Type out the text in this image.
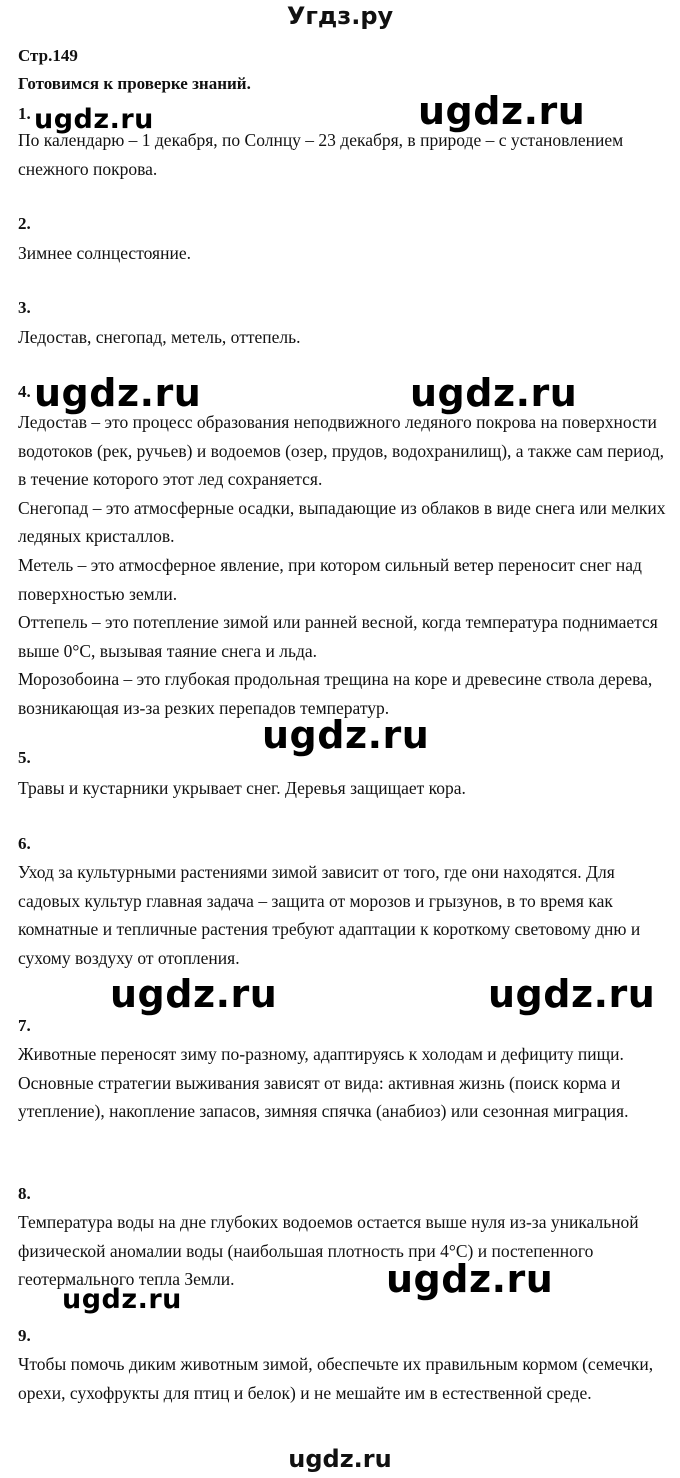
Угдз.ру
Стр.149
Готовимся к проверке знаний.
1.

По календарю – 1 декабря, по Солнцу – 23 декабря, в природе – с установлением снежного покрова.

2.

Зимнее солнцестояние.

3.

Ледостав, снегопад, метель, оттепель.

4.

Ледостав – это процесс образования неподвижного ледяного покрова на поверхности водотоков (рек, ручьев) и водоемов (озер, прудов, водохранилищ), а также сам период, в течение которого этот лед сохраняется.
Снегопад – это атмосферные осадки, выпадающие из облаков в виде снега или мелких ледяных кристаллов.
Метель – это атмосферное явление, при котором сильный ветер переносит снег над поверхностью земли.
Оттепель – это потепление зимой или ранней весной, когда температура поднимается выше 0°C, вызывая таяние снега и льда.
Морозобоина – это глубокая продольная трещина на коре и древесине ствола дерева, возникающая из-за резких перепадов температур.

5.

Травы и кустарники укрывает снег. Деревья защищает кора.

6.

Уход за культурными растениями зимой зависит от того, где они находятся. Для садовых культур главная задача – защита от морозов и грызунов, в то время как комнатные и тепличные растения требуют адаптации к короткому световому дню и сухому воздуху от отопления.

7.

Животные переносят зиму по-разному, адаптируясь к холодам и дефициту пищи. Основные стратегии выживания зависят от вида: активная жизнь (поиск корма и утепление), накопление запасов, зимняя спячка (анабиоз) или сезонная миграция.

8.

Температура воды на дне глубоких водоемов остается выше нуля из-за уникальной физической аномалии воды (наибольшая плотность при 4°C) и постепенного геотермального тепла Земли.

9.

Чтобы помочь диким животным зимой, обеспечьте их правильным кормом (семечки, орехи, сухофрукты для птиц и белок) и не мешайте им в естественной среде.

ugdz.ru	ugdz.ru
ugdz.ru	ugdz.ru
ugdz.ru
ugdz.ru	ugdz.ru
ugdz.ru
ugdz.ru
ugdz.ru
